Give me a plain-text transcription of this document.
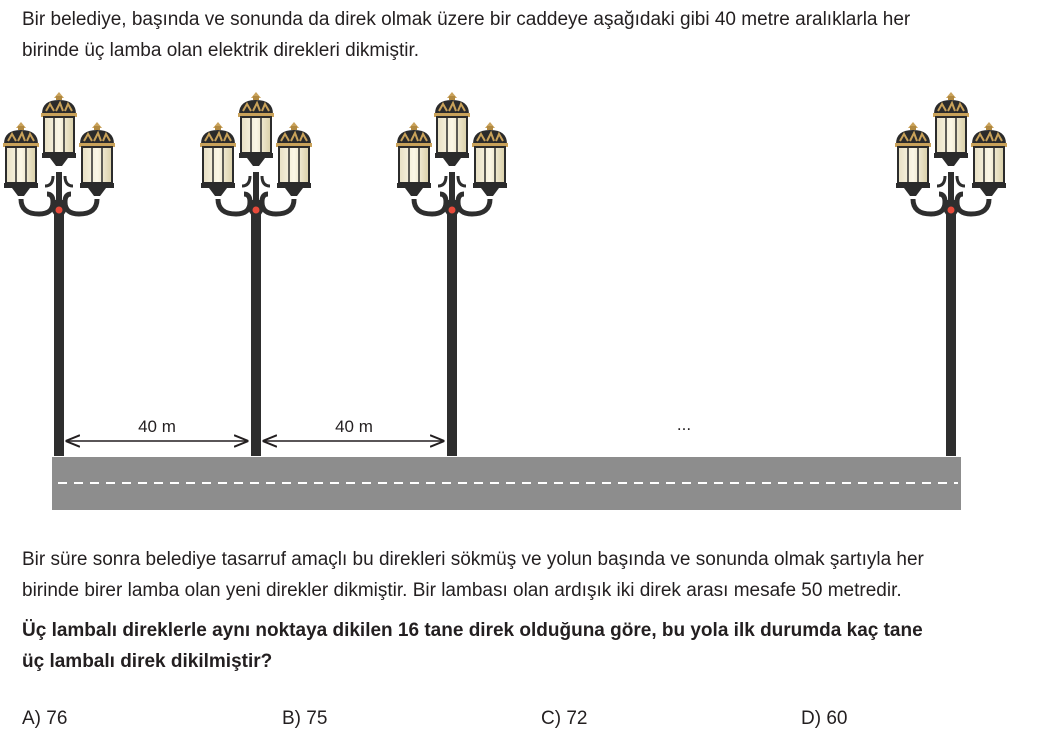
Bir belediye, başında ve sonunda da direk olmak üzere bir caddeye aşağıdaki gibi 40 metre aralıklarla her
birinde üç lamba olan elektrik direkleri dikmiştir.
40 m	40 m	...
Bir süre sonra belediye tasarruf amaçlı bu direkleri sökmüş ve yolun başında ve sonunda olmak şartıyla her
birinde birer lamba olan yeni direkler dikmiştir. Bir lambası olan ardışık iki direk arası mesafe 50 metredir.
Üç lambalı direklerle aynı noktaya dikilen 16 tane direk olduğuna göre, bu yola ilk durumda kaç tane
üç lambalı direk dikilmiştir?
A) 76	B) 75	C) 72	D) 60
